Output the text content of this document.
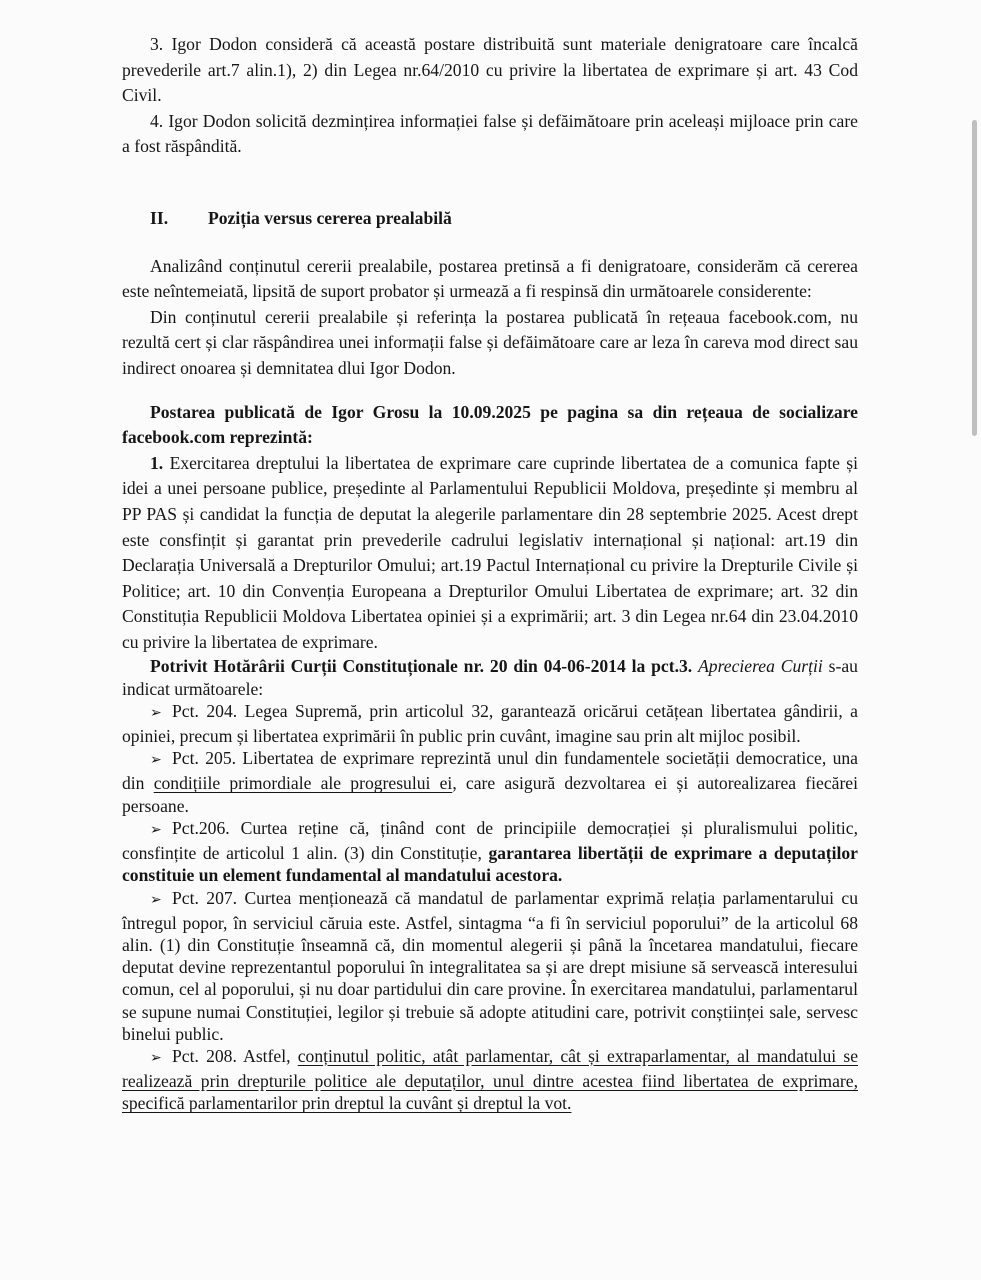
3. Igor Dodon consideră că această postare distribuită sunt materiale denigratoare care încalcă prevederile art.7 alin.1), 2) din Legea nr.64/2010 cu privire la libertatea de exprimare și art. 43 Cod Civil.

4. Igor Dodon solicită dezmințirea informației false și defăimătoare prin aceleași mijloace prin care a fost răspândită.

II. Poziția versus cererea prealabilă

Analizând conținutul cererii prealabile, postarea pretinsă a fi denigratoare, considerăm că cererea este neîntemeiată, lipsită de suport probator și urmează a fi respinsă din următoarele considerente:

Din conținutul cererii prealabile și referința la postarea publicată în rețeaua facebook.com, nu rezultă cert și clar răspândirea unei informații false și defăimătoare care ar leza în careva mod direct sau indirect onoarea și demnitatea dlui Igor Dodon.

Postarea publicată de Igor Grosu la 10.09.2025 pe pagina sa din rețeaua de socializare facebook.com reprezintă:

1. Exercitarea dreptului la libertatea de exprimare care cuprinde libertatea de a comunica fapte și idei a unei persoane publice, președinte al Parlamentului Republicii Moldova, președinte și membru al PP PAS și candidat la funcția de deputat la alegerile parlamentare din 28 septembrie 2025. Acest drept este consfințit și garantat prin prevederile cadrului legislativ internațional și național: art.19 din Declarația Universală a Drepturilor Omului; art.19 Pactul Internațional cu privire la Drepturile Civile și Politice; art. 10 din Convenția Europeana a Drepturilor Omului Libertatea de exprimare; art. 32 din Constituția Republicii Moldova Libertatea opiniei și a exprimării; art. 3 din Legea nr.64 din 23.04.2010 cu privire la libertatea de exprimare.

Potrivit Hotărârii Curții Constituționale nr. 20 din 04-06-2014 la pct.3. Aprecierea Curții s-au indicat următoarele:

➢ Pct. 204. Legea Supremă, prin articolul 32, garantează oricărui cetățean libertatea gândirii, a opiniei, precum și libertatea exprimării în public prin cuvânt, imagine sau prin alt mijloc posibil.

➢ Pct. 205. Libertatea de exprimare reprezintă unul din fundamentele societății democratice, una din condițiile primordiale ale progresului ei, care asigură dezvoltarea ei și autorealizarea fiecărei persoane.

➢ Pct.206. Curtea reține că, ținând cont de principiile democrației și pluralismului politic, consfințite de articolul 1 alin. (3) din Constituție, garantarea libertății de exprimare a deputaților constituie un element fundamental al mandatului acestora.

➢ Pct. 207. Curtea menționează că mandatul de parlamentar exprimă relația parlamentarului cu întregul popor, în serviciul căruia este. Astfel, sintagma “a fi în serviciul poporului” de la articolul 68 alin. (1) din Constituție înseamnă că, din momentul alegerii și până la încetarea mandatului, fiecare deputat devine reprezentantul poporului în integralitatea sa și are drept misiune să servească interesului comun, cel al poporului, și nu doar partidului din care provine. În exercitarea mandatului, parlamentarul se supune numai Constituției, legilor și trebuie să adopte atitudini care, potrivit conștiinței sale, servesc binelui public.

➢ Pct. 208. Astfel, conținutul politic, atât parlamentar, cât și extraparlamentar, al mandatului se realizează prin drepturile politice ale deputaților, unul dintre acestea fiind libertatea de exprimare, specifică parlamentarilor prin dreptul la cuvânt și dreptul la vot.
